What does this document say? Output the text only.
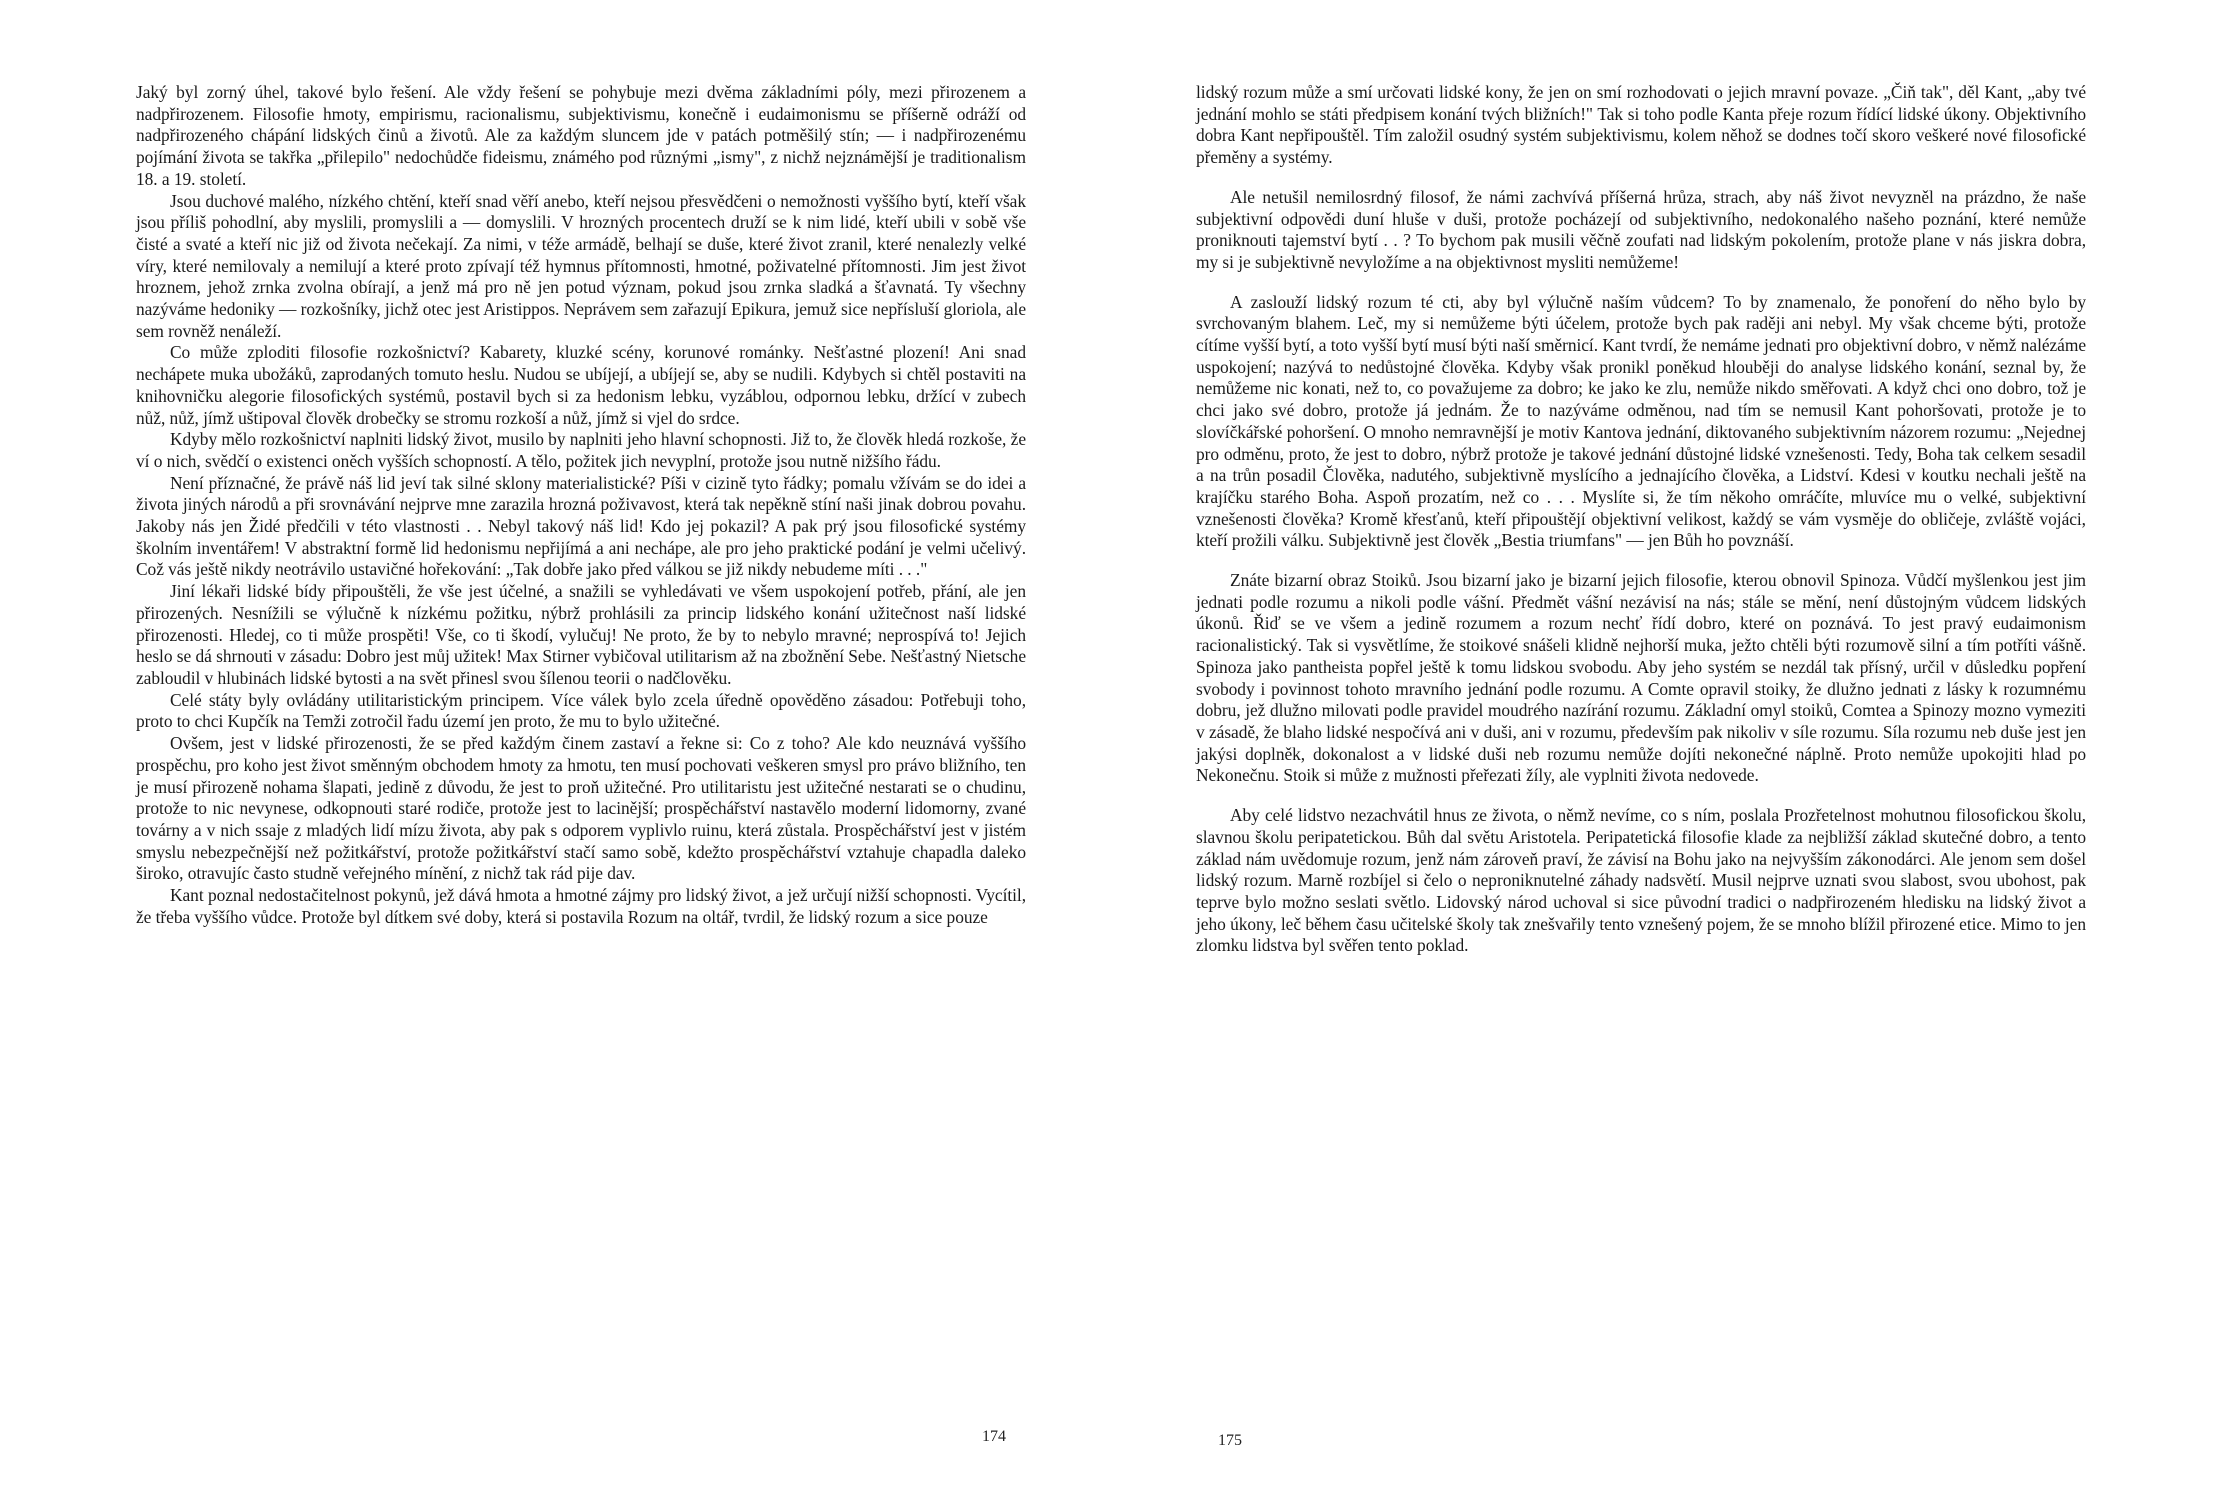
Jaký byl zorný úhel, takové bylo řešení. Ale vždy řešení se pohybuje mezi dvěma základními póly, mezi přirozenem a nadpřirozenem. Filosofie hmoty, empirismu, racionalismu, subjektivismu, konečně i eudaimonismu se příšerně odráží od nadpřirozeného chápání lidských činů a životů. Ale za každým sluncem jde v patách potměšilý stín; — i nadpřirozenému pojímání života se takřka „přilepilo" nedochůdče fideismu, známého pod různými „ismy", z nichž nejznámější je traditionalism 18. a 19. století.

Jsou duchové malého, nízkého chtění, kteří snad věří anebo, kteří nejsou přesvědčeni o nemožnosti vyššího bytí, kteří však jsou příliš pohodlní, aby myslili, promyslili a — domyslili. V hrozných procentech druží se k nim lidé, kteří ubili v sobě vše čisté a svaté a kteří nic již od života nečekají. Za nimi, v téže armádě, belhají se duše, které život zranil, které nenalezly velké víry, které nemilovaly a nemilují a které proto zpívají též hymnus přítomnosti, hmotné, poživatelné přítomnosti. Jim jest život hroznem, jehož zrnka zvolna obírají, a jenž má pro ně jen potud význam, pokud jsou zrnka sladká a šťavnatá. Ty všechny nazýváme hedoniky — rozkošníky, jichž otec jest Aristippos. Neprávem sem zařazují Epikura, jemuž sice nepřísluší gloriola, ale sem rovněž nenáleží.

Co může zploditi filosofie rozkošnictví? Kabarety, kluzké scény, korunové románky. Nešťastné plození! Ani snad nechápete muka ubožáků, zaprodaných tomuto heslu. Nudou se ubíjejí, a ubíjejí se, aby se nudili. Kdybych si chtěl postaviti na knihovničku alegorie filosofických systémů, postavil bych si za hedonism lebku, vyzáblou, odpornou lebku, držící v zubech nůž, nůž, jímž uštipoval člověk drobečky se stromu rozkoší a nůž, jímž si vjel do srdce.

Kdyby mělo rozkošnictví naplniti lidský život, musilo by naplniti jeho hlavní schopnosti. Již to, že člověk hledá rozkoše, že ví o nich, svědčí o existenci oněch vyšších schopností. A tělo, požitek jich nevyplní, protože jsou nutně nižšího řádu.

Není příznačné, že právě náš lid jeví tak silné sklony materialistické? Píši v cizině tyto řádky; pomalu vžívám se do idei a života jiných národů a při srovnávání nejprve mne zarazila hrozná poživavost, která tak nepěkně stíní naši jinak dobrou povahu. Jakoby nás jen Židé předčili v této vlastnosti . . Nebyl takový náš lid! Kdo jej pokazil? A pak prý jsou filosofické systémy školním inventářem! V abstraktní formě lid hedonismu nepřijímá a ani nechápe, ale pro jeho praktické podání je velmi učelivý. Což vás ještě nikdy neotrávilo ustavičné hořekování: „Tak dobře jako před válkou se již nikdy nebudeme míti . . ."

Jiní lékaři lidské bídy připouštěli, že vše jest účelné, a snažili se vyhledávati ve všem uspokojení potřeb, přání, ale jen přirozených. Nesnížili se výlučně k nízkému požitku, nýbrž prohlásili za princip lidského konání užitečnost naší lidské přirozenosti. Hledej, co ti může prospěti! Vše, co ti škodí, vylučuj! Ne proto, že by to nebylo mravné; neprospívá to! Jejich heslo se dá shrnouti v zásadu: Dobro jest můj užitek! Max Stirner vybičoval utilitarism až na zbožnění Sebe. Nešťastný Nietsche zabloudil v hlubinách lidské bytosti a na svět přinesl svou šílenou teorii o nadčlověku.

Celé státy byly ovládány utilitaristickým principem. Více válek bylo zcela úředně opověděno zásadou: Potřebuji toho, proto to chci Kupčík na Temži zotročil řadu území jen proto, že mu to bylo užitečné.

Ovšem, jest v lidské přirozenosti, že se před každým činem zastaví a řekne si: Co z toho? Ale kdo neuznává vyššího prospěchu, pro koho jest život směnným obchodem hmoty za hmotu, ten musí pochovati veškeren smysl pro právo bližního, ten je musí přirozeně nohama šlapati, jedině z důvodu, že jest to proň užitečné. Pro utilitaristu jest užitečné nestarati se o chudinu, protože to nic nevynese, odkopnouti staré rodiče, protože jest to lacinější; prospěchářství nastavělo moderní lidomorny, zvané továrny a v nich ssaje z mladých lidí mízu života, aby pak s odporem vyplivlo ruinu, která zůstala. Prospěchářství jest v jistém smyslu nebezpečnější než požitkářství, protože požitkářství stačí samo sobě, kdežto prospěchářství vztahuje chapadla daleko široko, otravujíc často studně veřejného mínění, z nichž tak rád pije dav.

Kant poznal nedostačitelnost pokynů, jež dává hmota a hmotné zájmy pro lidský život, a jež určují nižší schopnosti. Vycítil, že třeba vyššího vůdce. Protože byl dítkem své doby, která si postavila Rozum na oltář, tvrdil, že lidský rozum a sice pouze

174

lidský rozum může a smí určovati lidské kony, že jen on smí rozhodovati o jejich mravní povaze. „Čiň tak", děl Kant, „aby tvé jednání mohlo se státi předpisem konání tvých bližních!" Tak si toho podle Kanta přeje rozum řídící lidské úkony. Objektivního dobra Kant nepřipouštěl. Tím založil osudný systém subjektivismu, kolem něhož se dodnes točí skoro veškeré nové filosofické přeměny a systémy.

Ale netušil nemilosrdný filosof, že námi zachvívá příšerná hrůza, strach, aby náš život nevyzněl na prázdno, že naše subjektivní odpovědi duní hluše v duši, protože pocházejí od subjektivního, nedokonalého našeho poznání, které nemůže proniknouti tajemství bytí . . ? To bychom pak musili věčně zoufati nad lidským pokolením, protože plane v nás jiskra dobra, my si je subjektivně nevyložíme a na objektivnost mysliti nemůžeme!

A zaslouží lidský rozum té cti, aby byl výlučně naším vůdcem? To by znamenalo, že ponoření do něho bylo by svrchovaným blahem. Leč, my si nemůžeme býti účelem, protože bych pak raději ani nebyl. My však chceme býti, protože cítíme vyšší bytí, a toto vyšší bytí musí býti naší směrnicí. Kant tvrdí, že nemáme jednati pro objektivní dobro, v němž nalézáme uspokojení; nazývá to nedůstojné člověka. Kdyby však pronikl poněkud hlouběji do analyse lidského konání, seznal by, že nemůžeme nic konati, než to, co považujeme za dobro; ke jako ke zlu, nemůže nikdo směřovati. A když chci ono dobro, tož je chci jako své dobro, protože já jednám. Že to nazýváme odměnou, nad tím se nemusil Kant pohoršovati, protože je to slovíčkářské pohoršení. O mnoho nemravnější je motiv Kantova jednání, diktovaného subjektivním názorem rozumu: „Nejednej pro odměnu, proto, že jest to dobro, nýbrž protože je takové jednání důstojné lidské vznešenosti. Tedy, Boha tak celkem sesadil a na trůn posadil Člověka, nadutého, subjektivně myslícího a jednajícího člověka, a Lidství. Kdesi v koutku nechali ještě na krajíčku starého Boha. Aspoň prozatím, než co . . . Myslíte si, že tím někoho omráčíte, mluvíce mu o velké, subjektivní vznešenosti člověka? Kromě křesťanů, kteří připouštějí objektivní velikost, každý se vám vysměje do obličeje, zvláště vojáci, kteří prožili válku. Subjektivně jest člověk „Bestia triumfans" — jen Bůh ho povznáší.

Znáte bizarní obraz Stoiků. Jsou bizarní jako je bizarní jejich filosofie, kterou obnovil Spinoza. Vůdčí myšlenkou jest jim jednati podle rozumu a nikoli podle vášní. Předmět vášní nezávisí na nás; stále se mění, není důstojným vůdcem lidských úkonů. Řiď se ve všem a jedině rozumem a rozum nechť řídí dobro, které on poznává. To jest pravý eudaimonism racionalistický. Tak si vysvětlíme, že stoikové snášeli klidně nejhorší muka, ježto chtěli býti rozumově silní a tím potříti vášně. Spinoza jako pantheista popřel ještě k tomu lidskou svobodu. Aby jeho systém se nezdál tak přísný, určil v důsledku popření svobody i povinnost tohoto mravního jednání podle rozumu. A Comte opravil stoiky, že dlužno jednati z lásky k rozumnému dobru, jež dlužno milovati podle pravidel moudrého nazírání rozumu. Základní omyl stoiků, Comtea a Spinozy mozno vymeziti v zásadě, že blaho lidské nespočívá ani v duši, ani v rozumu, především pak nikoliv v síle rozumu. Síla rozumu neb duše jest jen jakýsi doplněk, dokonalost a v lidské duši neb rozumu nemůže dojíti nekonečné náplně. Proto nemůže upokojiti hlad po Nekonečnu. Stoik si může z mužnosti přeřezati žíly, ale vyplniti života nedovede.

Aby celé lidstvo nezachvátil hnus ze života, o němž nevíme, co s ním, poslala Prozřetelnost mohutnou filosofickou školu, slavnou školu peripatetickou. Bůh dal světu Aristotela. Peripatetická filosofie klade za nejbližší základ skutečné dobro, a tento základ nám uvědomuje rozum, jenž nám zároveň praví, že závisí na Bohu jako na nejvyšším zákonodárci. Ale jenom sem došel lidský rozum. Marně rozbíjel si čelo o neproniknutelné záhady nadsvětí. Musil nejprve uznati svou slabost, svou ubohost, pak teprve bylo možno seslati světlo. Lidovský národ uchoval si sice původní tradici o nadpřirozeném hledisku na lidský život a jeho úkony, leč během času učitelské školy tak znešvařily tento vznešený pojem, že se mnoho blížil přirozené etice. Mimo to jen zlomku lidstva byl svěřen tento poklad.

175
